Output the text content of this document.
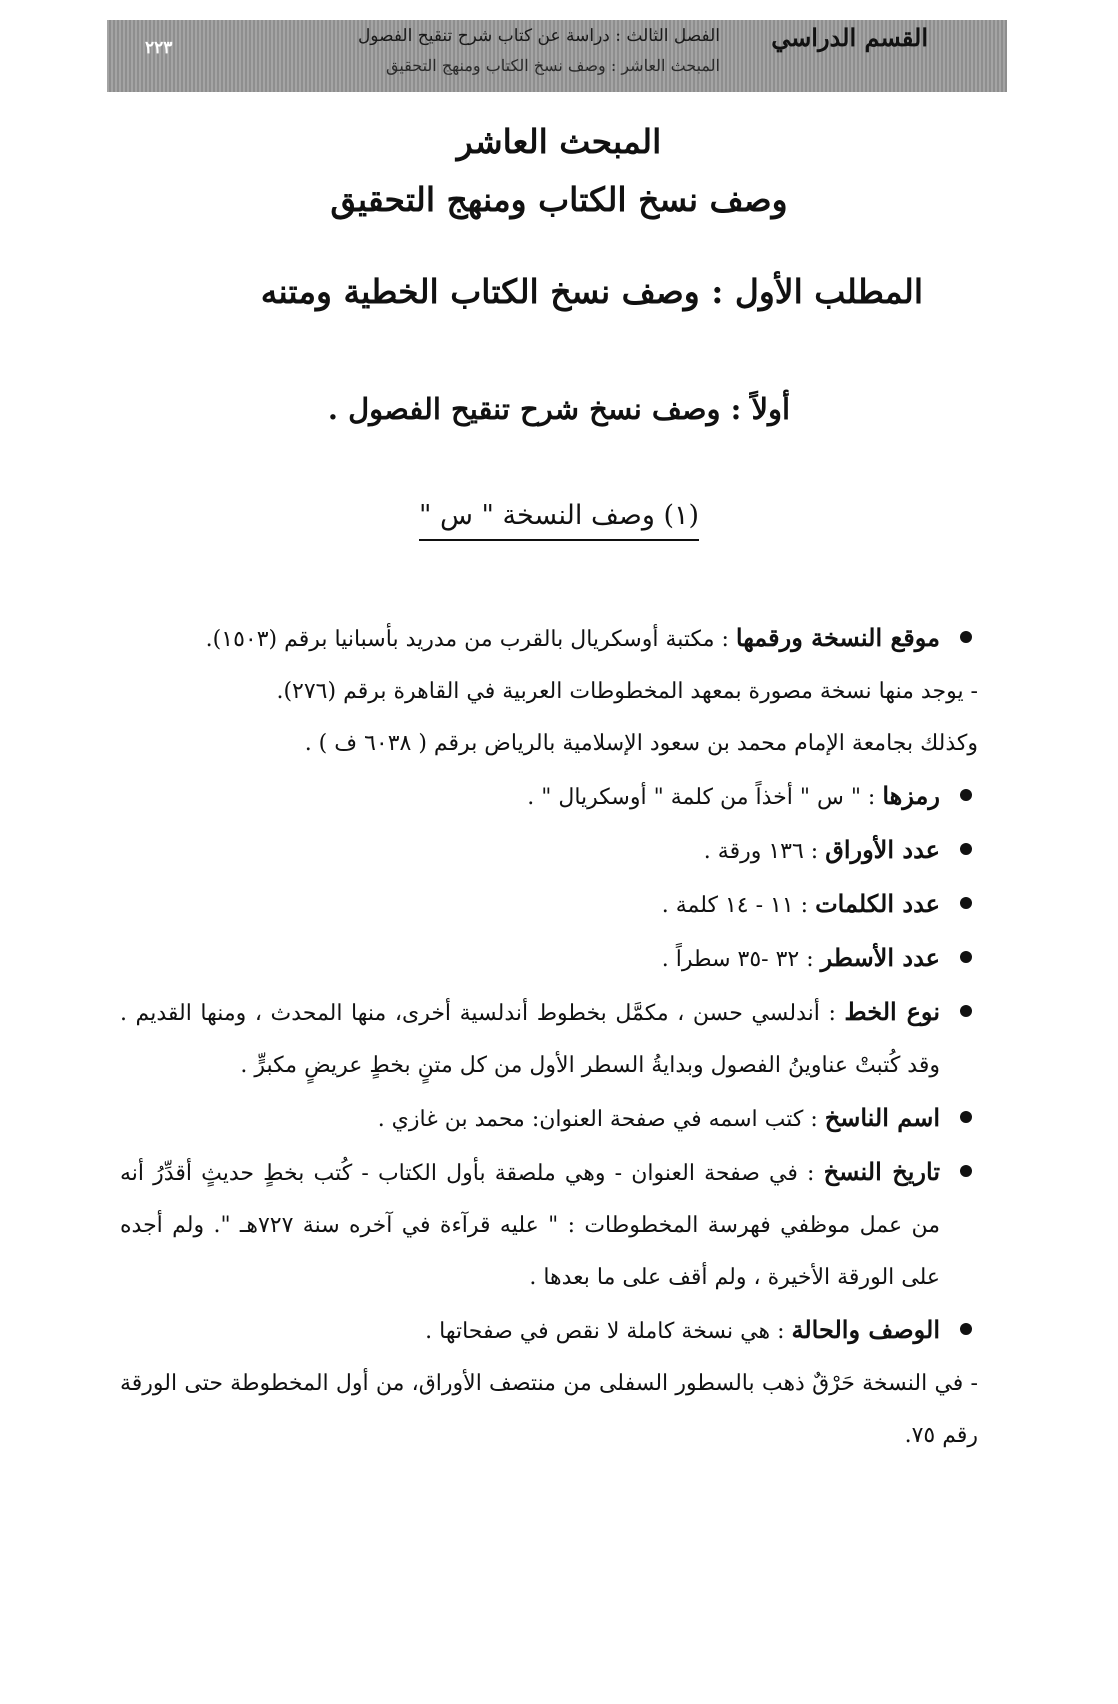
٢٢٣
الفصل الثالث : دراسة عن كتاب شرح تنقيح الفصول
المبحث العاشر : وصف نسخ الكتاب ومنهج التحقيق
القسم الدراسي
المبحث العاشر
وصف نسخ الكتاب ومنهج التحقيق
المطلب الأول : وصف نسخ الكتاب الخطية ومتنه
أولاً : وصف نسخ شرح تنقيح الفصول .
(١) وصف النسخة " س "

موقع النسخة ورقمها : مكتبة أوسكريال بالقرب من مدريد بأسبانيا برقم (١٥٠٣).

- يوجد منها نسخة مصورة بمعهد المخطوطات العربية في القاهرة برقم (٢٧٦).

وكذلك بجامعة الإمام محمد بن سعود الإسلامية بالرياض برقم ( ٦٠٣٨ ف ) .

رمزها : " س " أخذاً من كلمة " أوسكريال " .

عدد الأوراق : ١٣٦ ورقة .

عدد الكلمات : ١١ - ١٤ كلمة .

عدد الأسطر : ٣٢ -٣٥ سطراً .

نوع الخط : أندلسي حسن ، مكمَّل بخطوط أندلسية أخرى، منها المحدث ، ومنها القديم . وقد كُتبتْ عناوينُ الفصول وبدايةُ السطر الأول من كل متنٍ بخطٍ عريضٍ مكبرٍّ .

اسم الناسخ : كتب اسمه في صفحة العنوان: محمد بن غازي .

تاريخ النسخ : في صفحة العنوان - وهي ملصقة بأول الكتاب - كُتب بخطٍ حديثٍ أقدِّرُ أنه من عمل موظفي فهرسة المخطوطات : " عليه قرآءة في آخره سنة ٧٢٧هـ ". ولم أجده على الورقة الأخيرة ، ولم أقف على ما بعدها .

الوصف والحالة : هي نسخة كاملة لا نقص في صفحاتها .

- في النسخة حَرْقٌ ذهب بالسطور السفلى من منتصف الأوراق، من أول المخطوطة حتى الورقة رقم ٧٥.
